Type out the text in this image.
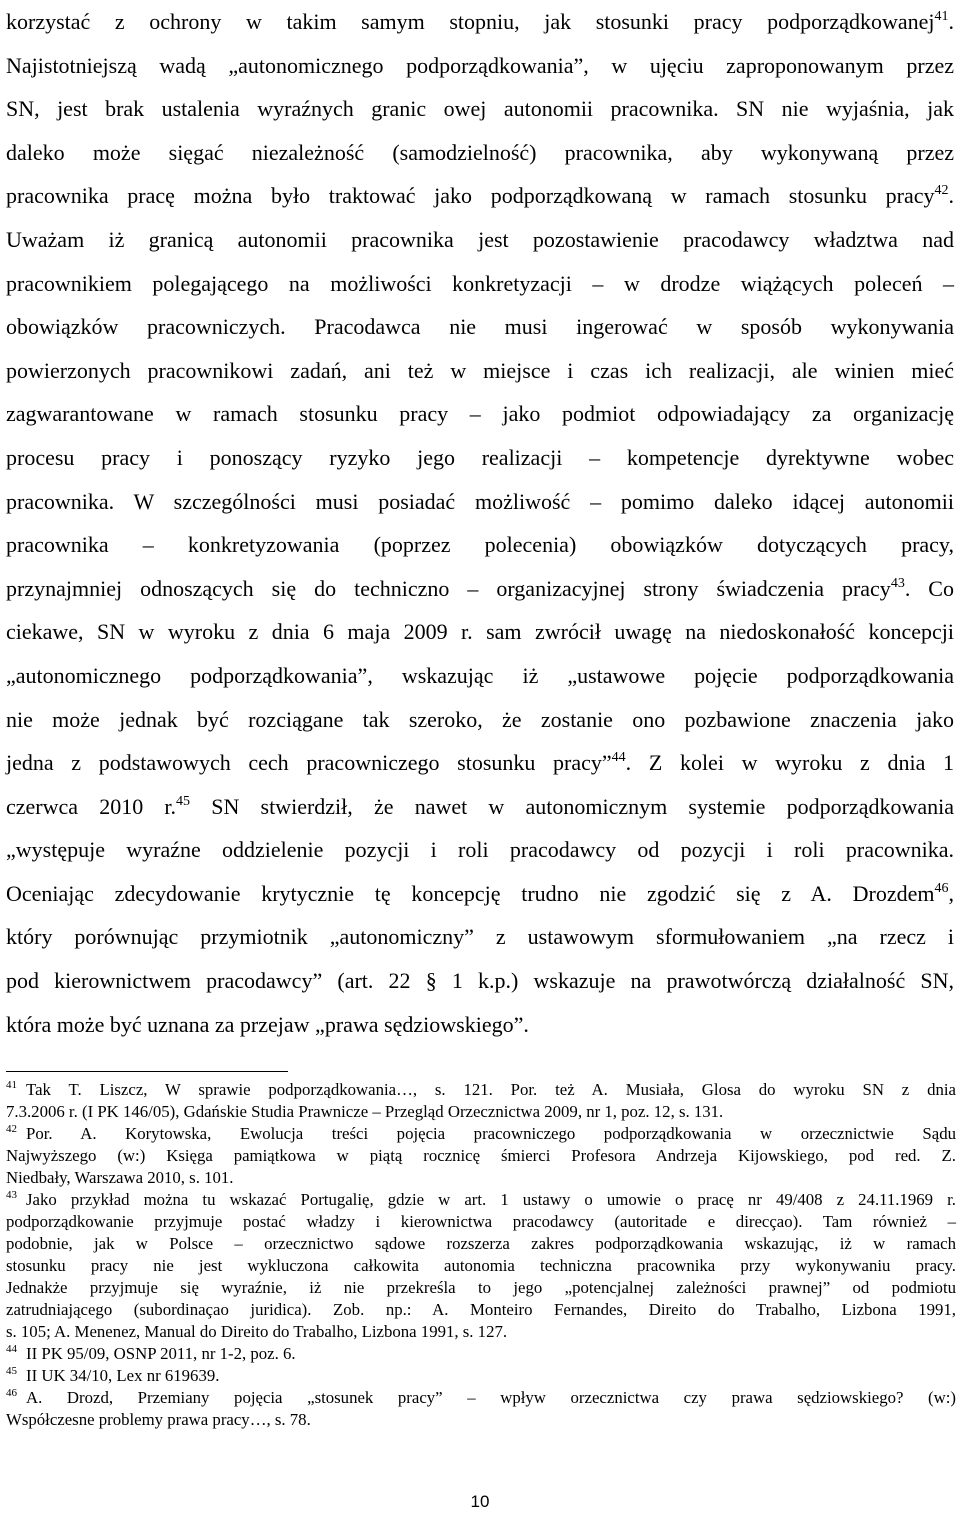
korzystać z ochrony w takim samym stopniu, jak stosunki pracy podporządkowanej$^{41}$.
Najistotniejszą wadą „autonomicznego podporządkowania”, w ujęciu zaproponowanym przez
SN, jest brak ustalenia wyraźnych granic owej autonomii pracownika. SN nie wyjaśnia, jak
daleko może sięgać niezależność (samodzielność) pracownika, aby wykonywaną przez
pracownika pracę można było traktować jako podporządkowaną w ramach stosunku pracy$^{42}$.
Uważam iż granicą autonomii pracownika jest pozostawienie pracodawcy władztwa nad
pracownikiem polegającego na możliwości konkretyzacji – w drodze wiążących poleceń –
obowiązków pracowniczych. Pracodawca nie musi ingerować w sposób wykonywania
powierzonych pracownikowi zadań, ani też w miejsce i czas ich realizacji, ale winien mieć
zagwarantowane w ramach stosunku pracy – jako podmiot odpowiadający za organizację
procesu pracy i ponoszący ryzyko jego realizacji – kompetencje dyrektywne wobec
pracownika. W szczególności musi posiadać możliwość – pomimo daleko idącej autonomii
pracownika – konkretyzowania (poprzez polecenia) obowiązków dotyczących pracy,
przynajmniej odnoszących się do techniczno – organizacyjnej strony świadczenia pracy$^{43}$. Co
ciekawe, SN w wyroku z dnia 6 maja 2009 r. sam zwrócił uwagę na niedoskonałość koncepcji
„autonomicznego podporządkowania”, wskazując iż „ustawowe pojęcie podporządkowania
nie może jednak być rozciągane tak szeroko, że zostanie ono pozbawione znaczenia jako
jedna z podstawowych cech pracowniczego stosunku pracy”$^{44}$. Z kolei w wyroku z dnia 1
czerwca 2010 r.$^{45}$ SN stwierdził, że nawet w autonomicznym systemie podporządkowania
„występuje wyraźne oddzielenie pozycji i roli pracodawcy od pozycji i roli pracownika.
Oceniając zdecydowanie krytycznie tę koncepcję trudno nie zgodzić się z A. Drozdem$^{46}$,
który porównując przymiotnik „autonomiczny” z ustawowym sformułowaniem „na rzecz i
pod kierownictwem pracodawcy” (art. 22 § 1 k.p.) wskazuje na prawotwórczą działalność SN,
która może być uznana za przejaw „prawa sędziowskiego”.
$^{41}$ Tak T. Liszcz, W sprawie podporządkowania…, s. 121. Por. też A. Musiała, Glosa do wyroku SN z dnia
7.3.2006 r. (I PK 146/05), Gdańskie Studia Prawnicze – Przegląd Orzecznictwa 2009, nr 1, poz. 12, s. 131.
$^{42}$ Por. A. Korytowska, Ewolucja treści pojęcia pracowniczego podporządkowania w orzecznictwie Sądu
Najwyższego (w:) Księga pamiątkowa w piątą rocznicę śmierci Profesora Andrzeja Kijowskiego, pod red. Z.
Niedbały, Warszawa 2010, s. 101.
$^{43}$ Jako przykład można tu wskazać Portugalię, gdzie w art. 1 ustawy o umowie o pracę nr 49/408 z 24.11.1969 r.
podporządkowanie przyjmuje postać władzy i kierownictwa pracodawcy (autoritade e direcçao). Tam również –
podobnie, jak w Polsce – orzecznictwo sądowe rozszerza zakres podporządkowania wskazując, iż w ramach
stosunku pracy nie jest wykluczona całkowita autonomia techniczna pracownika przy wykonywaniu pracy.
Jednakże przyjmuje się wyraźnie, iż nie przekreśla to jego „potencjalnej zależności prawnej” od podmiotu
zatrudniającego (subordinaçao juridica). Zob. np.: A. Monteiro Fernandes, Direito do Trabalho, Lizbona 1991,
s. 105; A. Menenez, Manual do Direito do Trabalho, Lizbona 1991, s. 127.
$^{44}$ II PK 95/09, OSNP 2011, nr 1-2, poz. 6.
$^{45}$ II UK 34/10, Lex nr 619639.
$^{46}$ A. Drozd, Przemiany pojęcia „stosunek pracy” – wpływ orzecznictwa czy prawa sędziowskiego? (w:)
Współczesne problemy prawa pracy…, s. 78.
10
